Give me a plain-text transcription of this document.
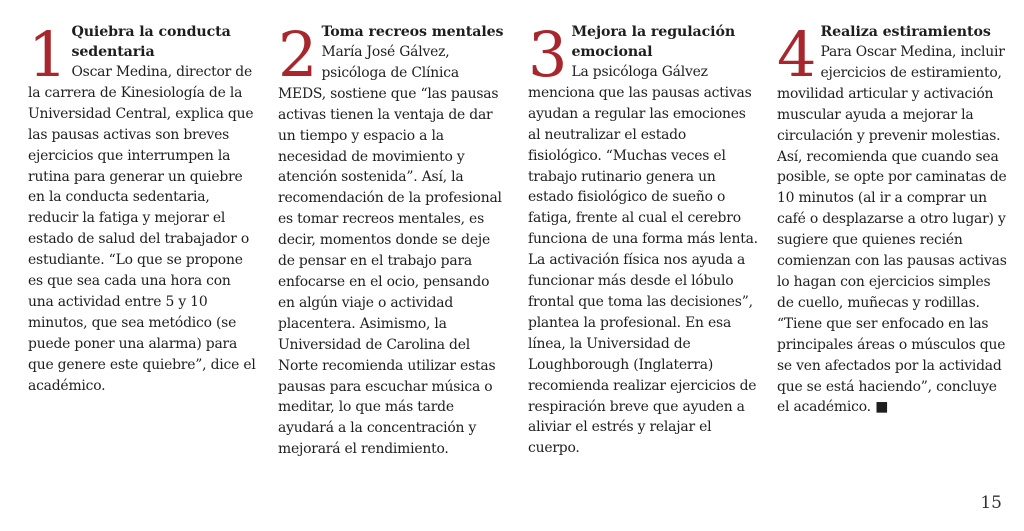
1 Quiebra la conducta sedentaria
Oscar Medina, director de la carrera de Kinesiología de la Universidad Central, explica que las pausas activas son breves ejercicios que interrumpen la rutina para generar un quiebre en la conducta sedentaria, reducir la fatiga y mejorar el estado de salud del trabajador o estudiante. “Lo que se propone es que sea cada una hora con una actividad entre 5 y 10 minutos, que sea metódico (se puede poner una alarma) para que genere este quiebre”, dice el académico.
2 Toma recreos mentales
María José Gálvez, psicóloga de Clínica MEDS, sostiene que “las pausas activas tienen la ventaja de dar un tiempo y espacio a la necesidad de movimiento y atención sostenida”. Así, la recomendación de la profesional es tomar recreos mentales, es decir, momentos donde se deje de pensar en el trabajo para enfocarse en el ocio, pensando en algún viaje o actividad placentera. Asimismo, la Universidad de Carolina del Norte recomienda utilizar estas pausas para escuchar música o meditar, lo que más tarde ayudará a la concentración y mejorará el rendimiento.
3 Mejora la regulación emocional
La psicóloga Gálvez menciona que las pausas activas ayudan a regular las emociones al neutralizar el estado fisiológico. “Muchas veces el trabajo rutinario genera un estado fisiológico de sueño o fatiga, frente al cual el cerebro funciona de una forma más lenta. La activación física nos ayuda a funcionar más desde el lóbulo frontal que toma las decisiones”, plantea la profesional. En esa línea, la Universidad de Loughborough (Inglaterra) recomienda realizar ejercicios de respiración breve que ayuden a aliviar el estrés y relajar el cuerpo.
4 Realiza estiramientos
Para Oscar Medina, incluir ejercicios de estiramiento, movilidad articular y activación muscular ayuda a mejorar la circulación y prevenir molestias. Así, recomienda que cuando sea posible, se opte por caminatas de 10 minutos (al ir a comprar un café o desplazarse a otro lugar) y sugiere que quienes recién comienzan con las pausas activas lo hagan con ejercicios simples de cuello, muñecas y rodillas. “Tiene que ser enfocado en las principales áreas o músculos que se ven afectados por la actividad que se está haciendo”, concluye el académico. ■
15
